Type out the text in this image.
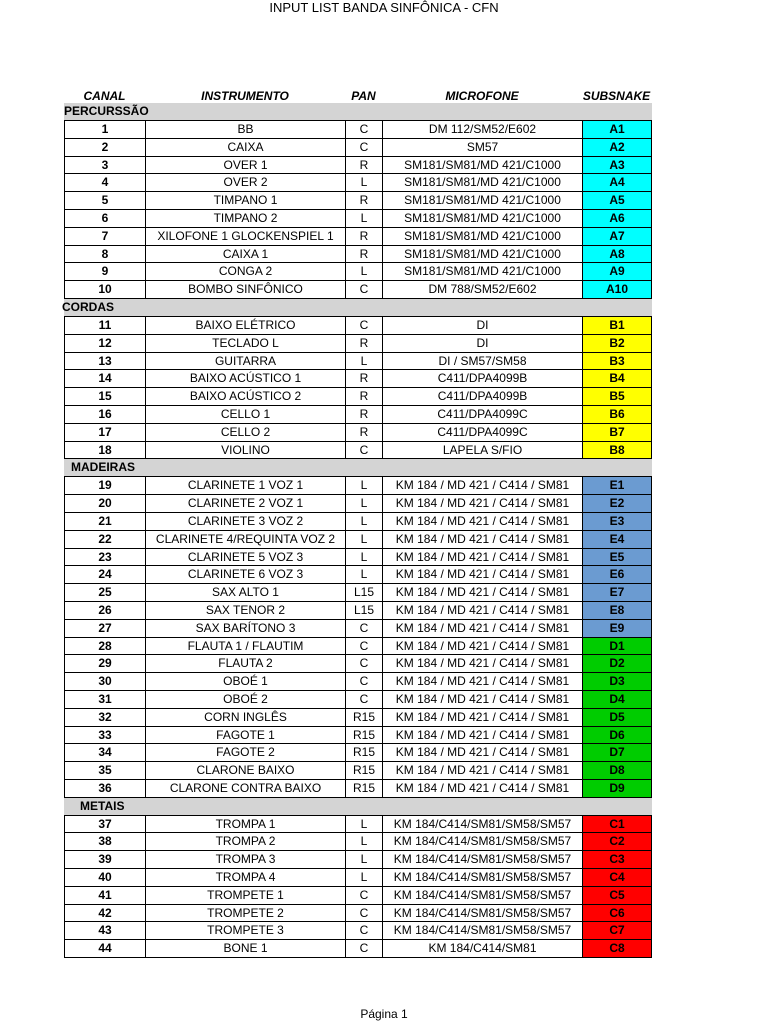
INPUT LIST BANDA SINFÔNICA - CFN
CANAL	INSTRUMENTO	PAN	MICROFONE	SUBSNAKE
PERCURSSÃO
1	BB	C	DM 112/SM52/E602	A1
2	CAIXA	C	SM57	A2
3	OVER 1	R	SM181/SM81/MD 421/C1000	A3
4	OVER 2	L	SM181/SM81/MD 421/C1000	A4
5	TIMPANO 1	R	SM181/SM81/MD 421/C1000	A5
6	TIMPANO 2	L	SM181/SM81/MD 421/C1000	A6
7	XILOFONE 1 GLOCKENSPIEL 1	R	SM181/SM81/MD 421/C1000	A7
8	CAIXA 1	R	SM181/SM81/MD 421/C1000	A8
9	CONGA 2	L	SM181/SM81/MD 421/C1000	A9
10	BOMBO SINFÔNICO	C	DM 788/SM52/E602	A10
CORDAS
11	BAIXO ELÉTRICO	C	DI	B1
12	TECLADO L	R	DI	B2
13	GUITARRA	L	DI / SM57/SM58	B3
14	BAIXO ACÚSTICO 1	R	C411/DPA4099B	B4
15	BAIXO ACÚSTICO 2	R	C411/DPA4099B	B5
16	CELLO 1	R	C411/DPA4099C	B6
17	CELLO 2	R	C411/DPA4099C	B7
18	VIOLINO	C	LAPELA S/FIO	B8
MADEIRAS
19	CLARINETE 1 VOZ 1	L	KM 184 / MD 421 / C414 / SM81	E1
20	CLARINETE 2 VOZ 1	L	KM 184 / MD 421 / C414 / SM81	E2
21	CLARINETE 3 VOZ 2	L	KM 184 / MD 421 / C414 / SM81	E3
22	CLARINETE 4/REQUINTA VOZ 2	L	KM 184 / MD 421 / C414 / SM81	E4
23	CLARINETE 5 VOZ 3	L	KM 184 / MD 421 / C414 / SM81	E5
24	CLARINETE 6 VOZ 3	L	KM 184 / MD 421 / C414 / SM81	E6
25	SAX ALTO 1	L15	KM 184 / MD 421 / C414 / SM81	E7
26	SAX TENOR 2	L15	KM 184 / MD 421 / C414 / SM81	E8
27	SAX BARÍTONO 3	C	KM 184 / MD 421 / C414 / SM81	E9
28	FLAUTA 1 / FLAUTIM	C	KM 184 / MD 421 / C414 / SM81	D1
29	FLAUTA 2	C	KM 184 / MD 421 / C414 / SM81	D2
30	OBOÉ 1	C	KM 184 / MD 421 / C414 / SM81	D3
31	OBOÉ 2	C	KM 184 / MD 421 / C414 / SM81	D4
32	CORN INGLÊS	R15	KM 184 / MD 421 / C414 / SM81	D5
33	FAGOTE 1	R15	KM 184 / MD 421 / C414 / SM81	D6
34	FAGOTE 2	R15	KM 184 / MD 421 / C414 / SM81	D7
35	CLARONE BAIXO	R15	KM 184 / MD 421 / C414 / SM81	D8
36	CLARONE CONTRA BAIXO	R15	KM 184 / MD 421 / C414 / SM81	D9
METAIS
37	TROMPA 1	L	KM 184/C414/SM81/SM58/SM57	C1
38	TROMPA 2	L	KM 184/C414/SM81/SM58/SM57	C2
39	TROMPA 3	L	KM 184/C414/SM81/SM58/SM57	C3
40	TROMPA 4	L	KM 184/C414/SM81/SM58/SM57	C4
41	TROMPETE 1	C	KM 184/C414/SM81/SM58/SM57	C5
42	TROMPETE 2	C	KM 184/C414/SM81/SM58/SM57	C6
43	TROMPETE 3	C	KM 184/C414/SM81/SM58/SM57	C7
44	BONE 1	C	KM 184/C414/SM81	C8
Página 1
